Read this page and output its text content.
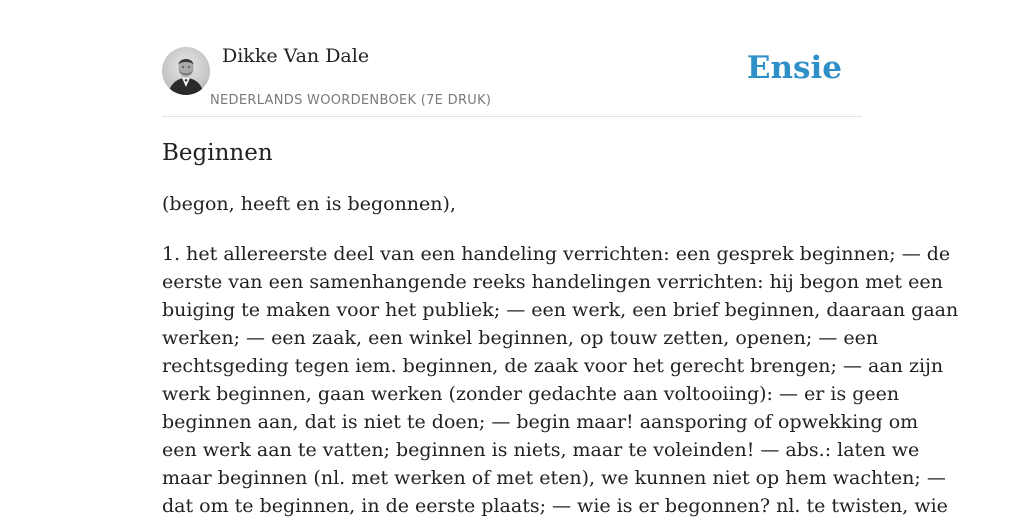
Dikke Van Dale
NEDERLANDS WOORDENBOEK (7E DRUK)
Ensie
Beginnen

(begon, heeft en is begonnen),

1. het allereerste deel van een handeling verrichten: een gesprek beginnen; — de
eerste van een samenhangende reeks handelingen verrichten: hij begon met een
buiging te maken voor het publiek; — een werk, een brief beginnen, daaraan gaan
werken; — een zaak, een winkel beginnen, op touw zetten, openen; — een
rechtsgeding tegen iem. beginnen, de zaak voor het gerecht brengen; — aan zijn
werk beginnen, gaan werken (zonder gedachte aan voltooiing): — er is geen
beginnen aan, dat is niet te doen; — begin maar! aansporing of opwekking om
een werk aan te vatten; beginnen is niets, maar te voleinden! — abs.: laten we
maar beginnen (nl. met werken of met eten), we kunnen niet op hem wachten; —
dat om te beginnen, in de eerste plaats; — wie is er begonnen? nl. te twisten, wie
